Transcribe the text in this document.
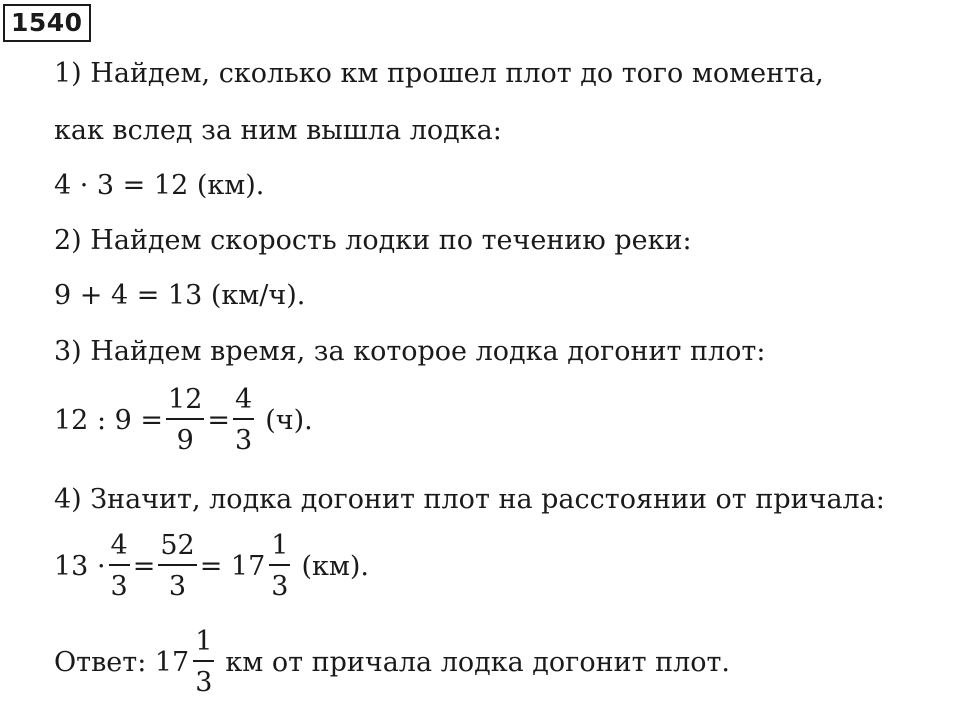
1540
1) Найдем, сколько км прошел плот до того момента,
как вслед за ним вышла лодка:
4 · 3 = 12 (км).
2) Найдем скорость лодки по течению реки:
9 + 4 = 13 (км/ч).
3) Найдем время, за которое лодка догонит плот:
12 : $9 = \frac{12}{9} = \frac{4}{3} (ч)$.
4) Значит, лодка догонит плот на расстоянии от причала:
$13 \cdot \frac{4}{3} = \frac{52}{3} = 17 \frac{1}{3} (км)$.
Ответ: $17 \frac{1}{3}$ км от причала лодка догонит плот.
